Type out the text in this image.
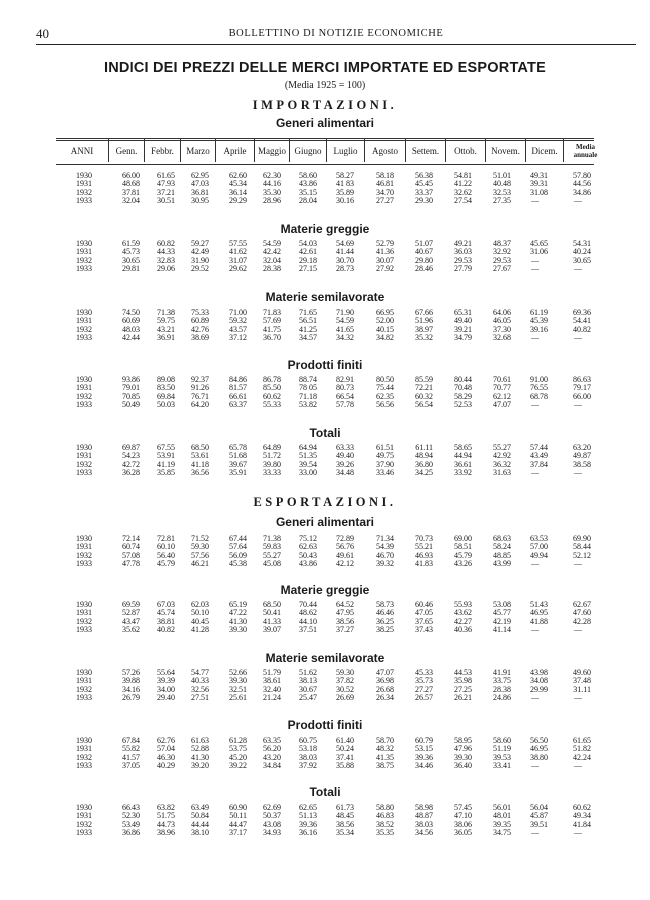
40	BOLLETTINO DI NOTIZIE ECONOMICHE
INDICI DEI PREZZI DELLE MERCI IMPORTATE ED ESPORTATE
(Media 1925 = 100)
IMPORTAZIONI.
Generi alimentari
ANNI	Genn.	Febbr.	Marzo	Aprile	Maggio	Giugno	Luglio	Agosto	Settem.	Ottob.	Novem.	Dicem.	Media annuale
1930	66.00	61.65	62.95	62.60	62.30	58.60	58.27	58.18	56.38	54.81	51.01	49.31	57.80
1931	48.68	47.93	47.03	45.34	44.16	43.86	41 83	46.81	45.45	41.22	40.48	39.31	44.56
1932	37.81	37.21	36.81	36.14	35.30	35.15	35.89	34.70	33.37	32.62	32.53	31.08	34.86
1933	32.04	30.51	30.95	29.29	28.96	28.04	30.16	27.27	29.30	27.54	27.35	—	—
Materie greggie
1930	61.59	60.82	59.27	57.55	54.59	54.03	54.69	52.79	51.07	49.21	48.37	45.65	54.31
1931	45.73	44.33	42.49	41.62	42.42	42.61	41.44	41.36	40.67	36.03	32.92	31.06	40.24
1932	30.65	32.83	31.90	31.07	32.04	29.18	30.70	30.07	29.80	29.53	29.53	—	30.65
1933	29.81	29.06	29.52	29.62	28.38	27.15	28.73	27.92	28.46	27.79	27.67	—	—
Materie semilavorate
1930	74.50	71.38	75.33	71.00	71.83	71.65	71.90	66.95	67.66	65.31	64.06	61.19	69.36
1931	60.69	59.75	60.89	59.32	57.69	56.51	54.59	52.00	51.96	49.40	46.05	45.39	54.41
1932	48.03	43.21	42.76	43.57	41.75	41.25	41.65	40.15	38.97	39.21	37.30	39.16	40.82
1933	42.44	36.91	38.69	37.12	36.70	34.57	34.32	34.82	35.32	34.79	32.68	—	—
Prodotti finiti
1930	93.86	89.08	92.37	84.86	86.78	88.74	82.91	80.50	85.59	80.44	70.61	91.00	86.63
1931	79.01	83.50	91.26	81.57	85.50	78 05	80.73	75.44	72.21	70.48	70.77	76.55	79.17
1932	70.85	69.84	76.71	66.61	60.62	71.18	66.54	62.35	60.32	58.29	62.12	68.78	66.00
1933	50.49	50.03	64.20	63.37	55.33	53.82	57.78	56.56	56.54	52.53	47.07	—	—
Totali
1930	69.87	67.55	68.50	65.78	64.89	64.94	63.33	61.51	61.11	58.65	55.27	57.44	63.20
1931	54.23	53.91	53.61	51.68	51.72	51.35	49.40	49.75	48.94	44.94	42.92	43.49	49.87
1932	42.72	41.19	41.18	39.67	39.80	39.54	39.26	37.90	36.80	36.61	36.32	37.84	38.58
1933	36.28	35.85	36.56	35.91	33.33	33.00	34.48	33.46	34.25	33.92	31.63	—	—
ESPORTAZIONI.
Generi alimentari
1930	72.14	72.81	71.52	67.44	71.38	75.12	72.89	71.34	70.73	69.00	68.63	63.53	69.90
1931	60.74	60.10	59.30	57.64	59.83	62.63	56.76	54.39	55.21	58.51	58.24	57.00	58.44
1932	57.08	56.40	57.56	56.09	55.27	50.43	49.61	46.70	46.93	45.79	48.85	49.94	52.12
1933	47.78	45.79	46.21	45.38	45.08	43.86	42.12	39.32	41.83	43.26	43.99	—	—
Materie greggie
1930	69.59	67.03	62.03	65.19	68.50	70.44	64.52	58.73	60.46	55.93	53.08	51.43	62.67
1931	52.87	45.74	50.10	47.22	50.41	48.62	47.95	46.46	47.05	43.62	45.77	46.95	47.60
1932	43.47	38.81	40.45	41.30	41.33	44.10	38.56	36.25	37.65	42.27	42.19	41.88	42.28
1933	35.62	40.82	41.28	39.30	39.07	37.51	37.27	38.25	37.43	40.36	41.14	—	—
Materie semilavorate
1930	57.26	55.64	54.77	52.66	51.79	51.62	59.30	47.07	45.33	44.53	41.91	43.98	49.60
1931	39.88	39.39	40.33	39.30	38.61	38.13	37.82	36.98	35.73	35.98	33.75	34.08	37.48
1932	34.16	34.00	32.56	32.51	32.40	30.67	30.52	26.68	27.27	27.25	28.38	29.99	31.11
1933	26.79	29.40	27.51	25.61	21.24	25.47	26.69	26.34	26.57	26.21	24.86	—	—
Prodotti finiti
1930	67.84	62.76	61.63	61.28	63.35	60.75	61.40	58.70	60.79	58.95	58.60	56.50	61.65
1931	55.82	57.04	52.88	53.75	56.20	53.18	50.24	48.32	53.15	47.96	51.19	46.95	51.82
1932	41.57	46.30	41.30	45.20	43.20	38.03	37.41	41.35	39.36	39.30	39.53	38.80	42.24
1933	37.05	40.29	39.20	39.22	34.84	37.92	35.88	38.75	34.46	36.40	33.41	—	—
Totali
1930	66.43	63.82	63.49	60.90	62.69	62.65	61.73	58.80	58.98	57.45	56.01	56.04	60.62
1931	52.30	51.75	50.84	50.11	50.37	51.13	48.45	46.83	48.87	47.10	48.01	45.87	49.34
1932	53.49	44.73	44.44	44.47	43.08	39.36	38.56	38.52	38.03	38.06	39.35	39.51	41.84
1933	36.86	38.96	38.10	37.17	34.93	36.16	35.34	35.35	34.56	36.05	34.75	—	—
